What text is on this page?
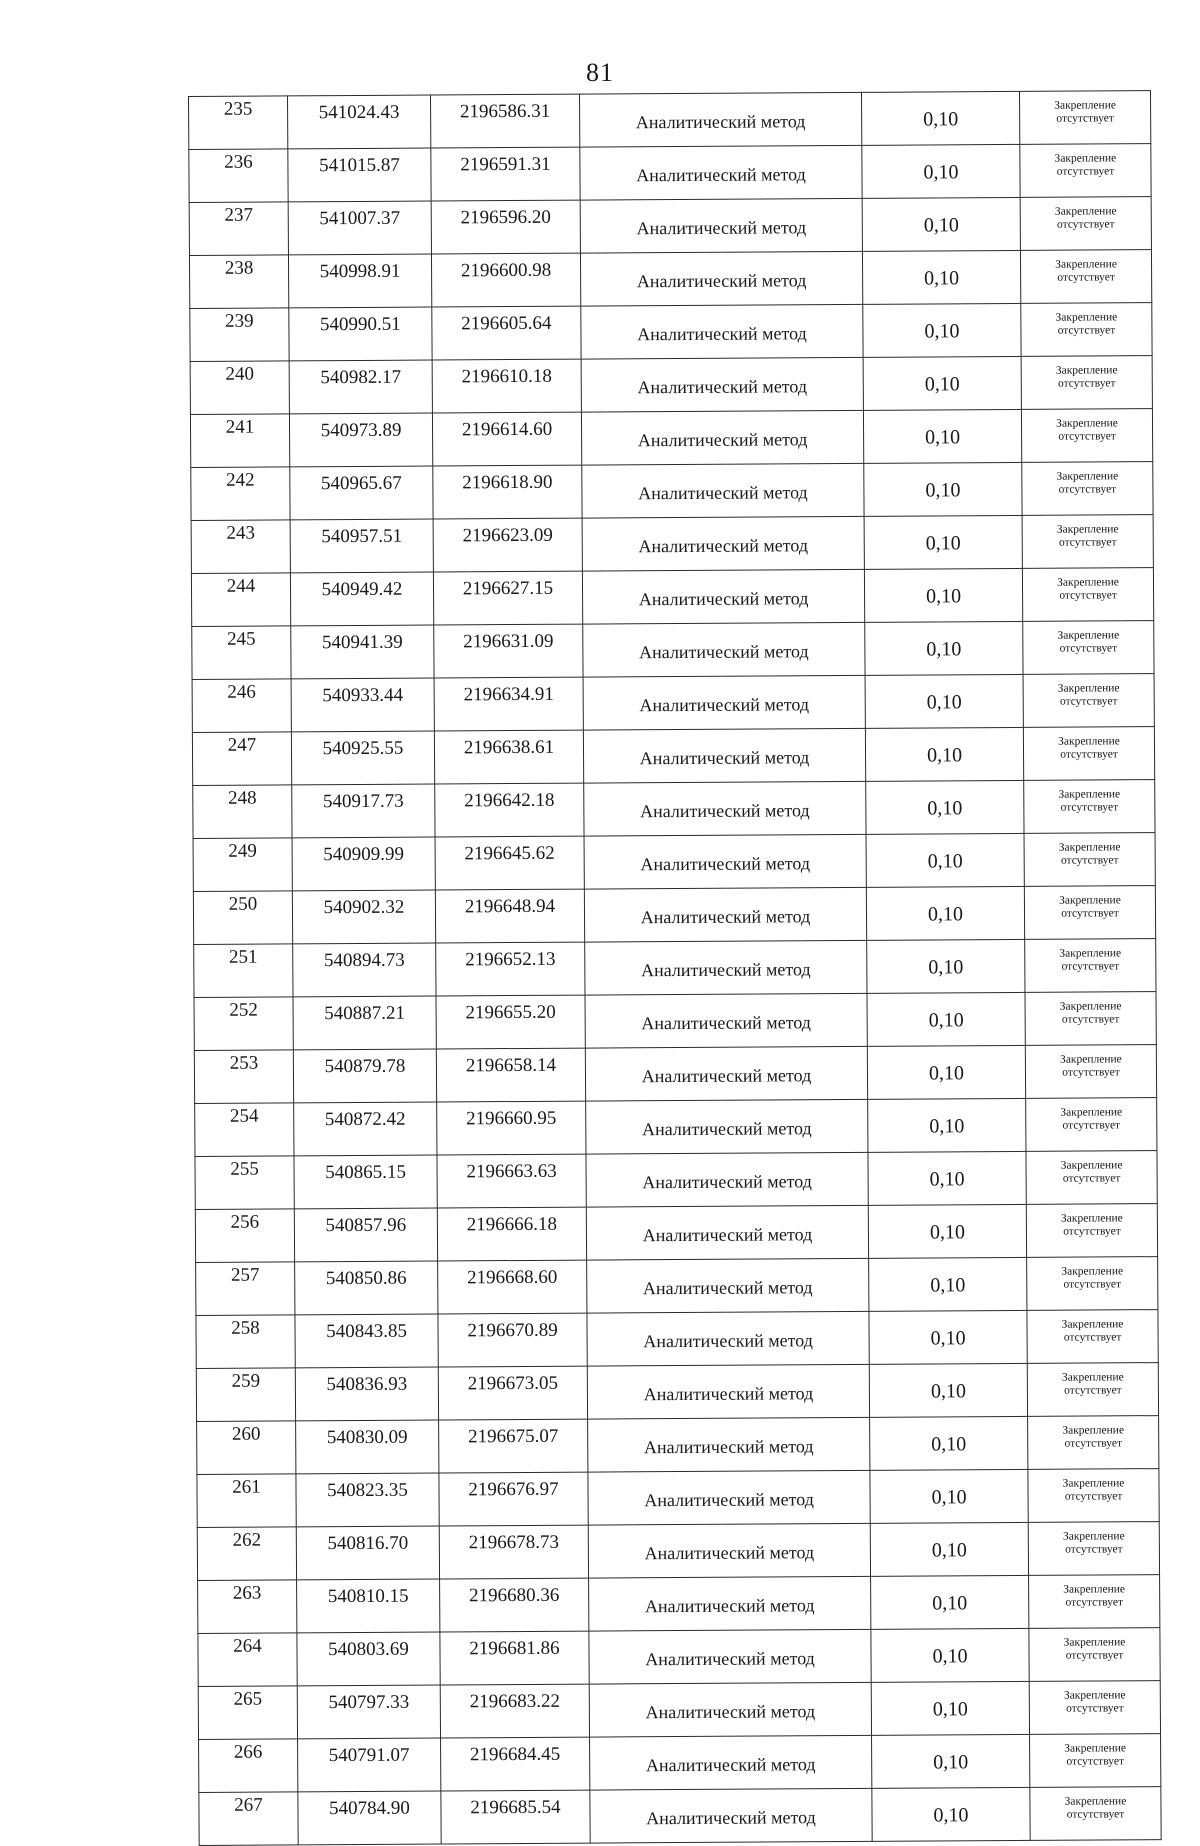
81
235	541024.43	2196586.31	Аналитический метод	0,10	Закрепление
отсутствует

236	541015.87	2196591.31	Аналитический метод	0,10	Закрепление
отсутствует

237	541007.37	2196596.20	Аналитический метод	0,10	Закрепление
отсутствует

238	540998.91	2196600.98	Аналитический метод	0,10	Закрепление
отсутствует

239	540990.51	2196605.64	Аналитический метод	0,10	Закрепление
отсутствует

240	540982.17	2196610.18	Аналитический метод	0,10	Закрепление
отсутствует

241	540973.89	2196614.60	Аналитический метод	0,10	Закрепление
отсутствует

242	540965.67	2196618.90	Аналитический метод	0,10	Закрепление
отсутствует

243	540957.51	2196623.09	Аналитический метод	0,10	Закрепление
отсутствует

244	540949.42	2196627.15	Аналитический метод	0,10	Закрепление
отсутствует

245	540941.39	2196631.09	Аналитический метод	0,10	Закрепление
отсутствует

246	540933.44	2196634.91	Аналитический метод	0,10	Закрепление
отсутствует

247	540925.55	2196638.61	Аналитический метод	0,10	Закрепление
отсутствует

248	540917.73	2196642.18	Аналитический метод	0,10	Закрепление
отсутствует

249	540909.99	2196645.62	Аналитический метод	0,10	Закрепление
отсутствует

250	540902.32	2196648.94	Аналитический метод	0,10	Закрепление
отсутствует

251	540894.73	2196652.13	Аналитический метод	0,10	Закрепление
отсутствует

252	540887.21	2196655.20	Аналитический метод	0,10	Закрепление
отсутствует

253	540879.78	2196658.14	Аналитический метод	0,10	Закрепление
отсутствует

254	540872.42	2196660.95	Аналитический метод	0,10	Закрепление
отсутствует

255	540865.15	2196663.63	Аналитический метод	0,10	Закрепление
отсутствует

256	540857.96	2196666.18	Аналитический метод	0,10	Закрепление
отсутствует

257	540850.86	2196668.60	Аналитический метод	0,10	Закрепление
отсутствует

258	540843.85	2196670.89	Аналитический метод	0,10	Закрепление
отсутствует

259	540836.93	2196673.05	Аналитический метод	0,10	Закрепление
отсутствует

260	540830.09	2196675.07	Аналитический метод	0,10	Закрепление
отсутствует

261	540823.35	2196676.97	Аналитический метод	0,10	Закрепление
отсутствует

262	540816.70	2196678.73	Аналитический метод	0,10	Закрепление
отсутствует

263	540810.15	2196680.36	Аналитический метод	0,10	Закрепление
отсутствует

264	540803.69	2196681.86	Аналитический метод	0,10	Закрепление
отсутствует

265	540797.33	2196683.22	Аналитический метод	0,10	Закрепление
отсутствует

266	540791.07	2196684.45	Аналитический метод	0,10	Закрепление
отсутствует

267	540784.90	2196685.54	Аналитический метод	0,10	Закрепление
отсутствует
